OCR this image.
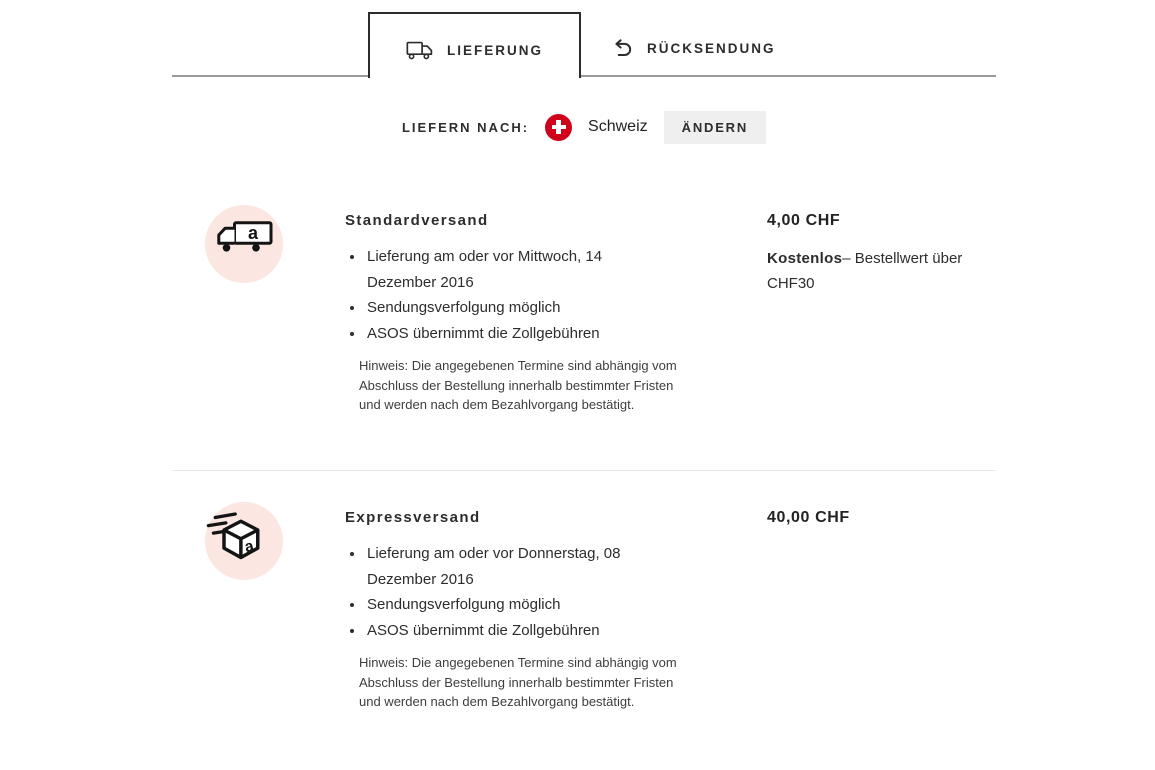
LIEFERUNG	RÜCKSENDUNG
LIEFERN NACH:	Schweiz	ÄNDERN
a
Standardversand
• Lieferung am oder vor Mittwoch, 14 Dezember 2016
• Sendungsverfolgung möglich
• ASOS übernimmt die Zollgebühren
Hinweis: Die angegebenen Termine sind abhängig vom Abschluss der Bestellung innerhalb bestimmter Fristen und werden nach dem Bezahlvorgang bestätigt.
4,00 CHF
Kostenlos– Bestellwert über CHF30
a
Expressversand
• Lieferung am oder vor Donnerstag, 08 Dezember 2016
• Sendungsverfolgung möglich
• ASOS übernimmt die Zollgebühren
Hinweis: Die angegebenen Termine sind abhängig vom Abschluss der Bestellung innerhalb bestimmter Fristen und werden nach dem Bezahlvorgang bestätigt.
40,00 CHF
